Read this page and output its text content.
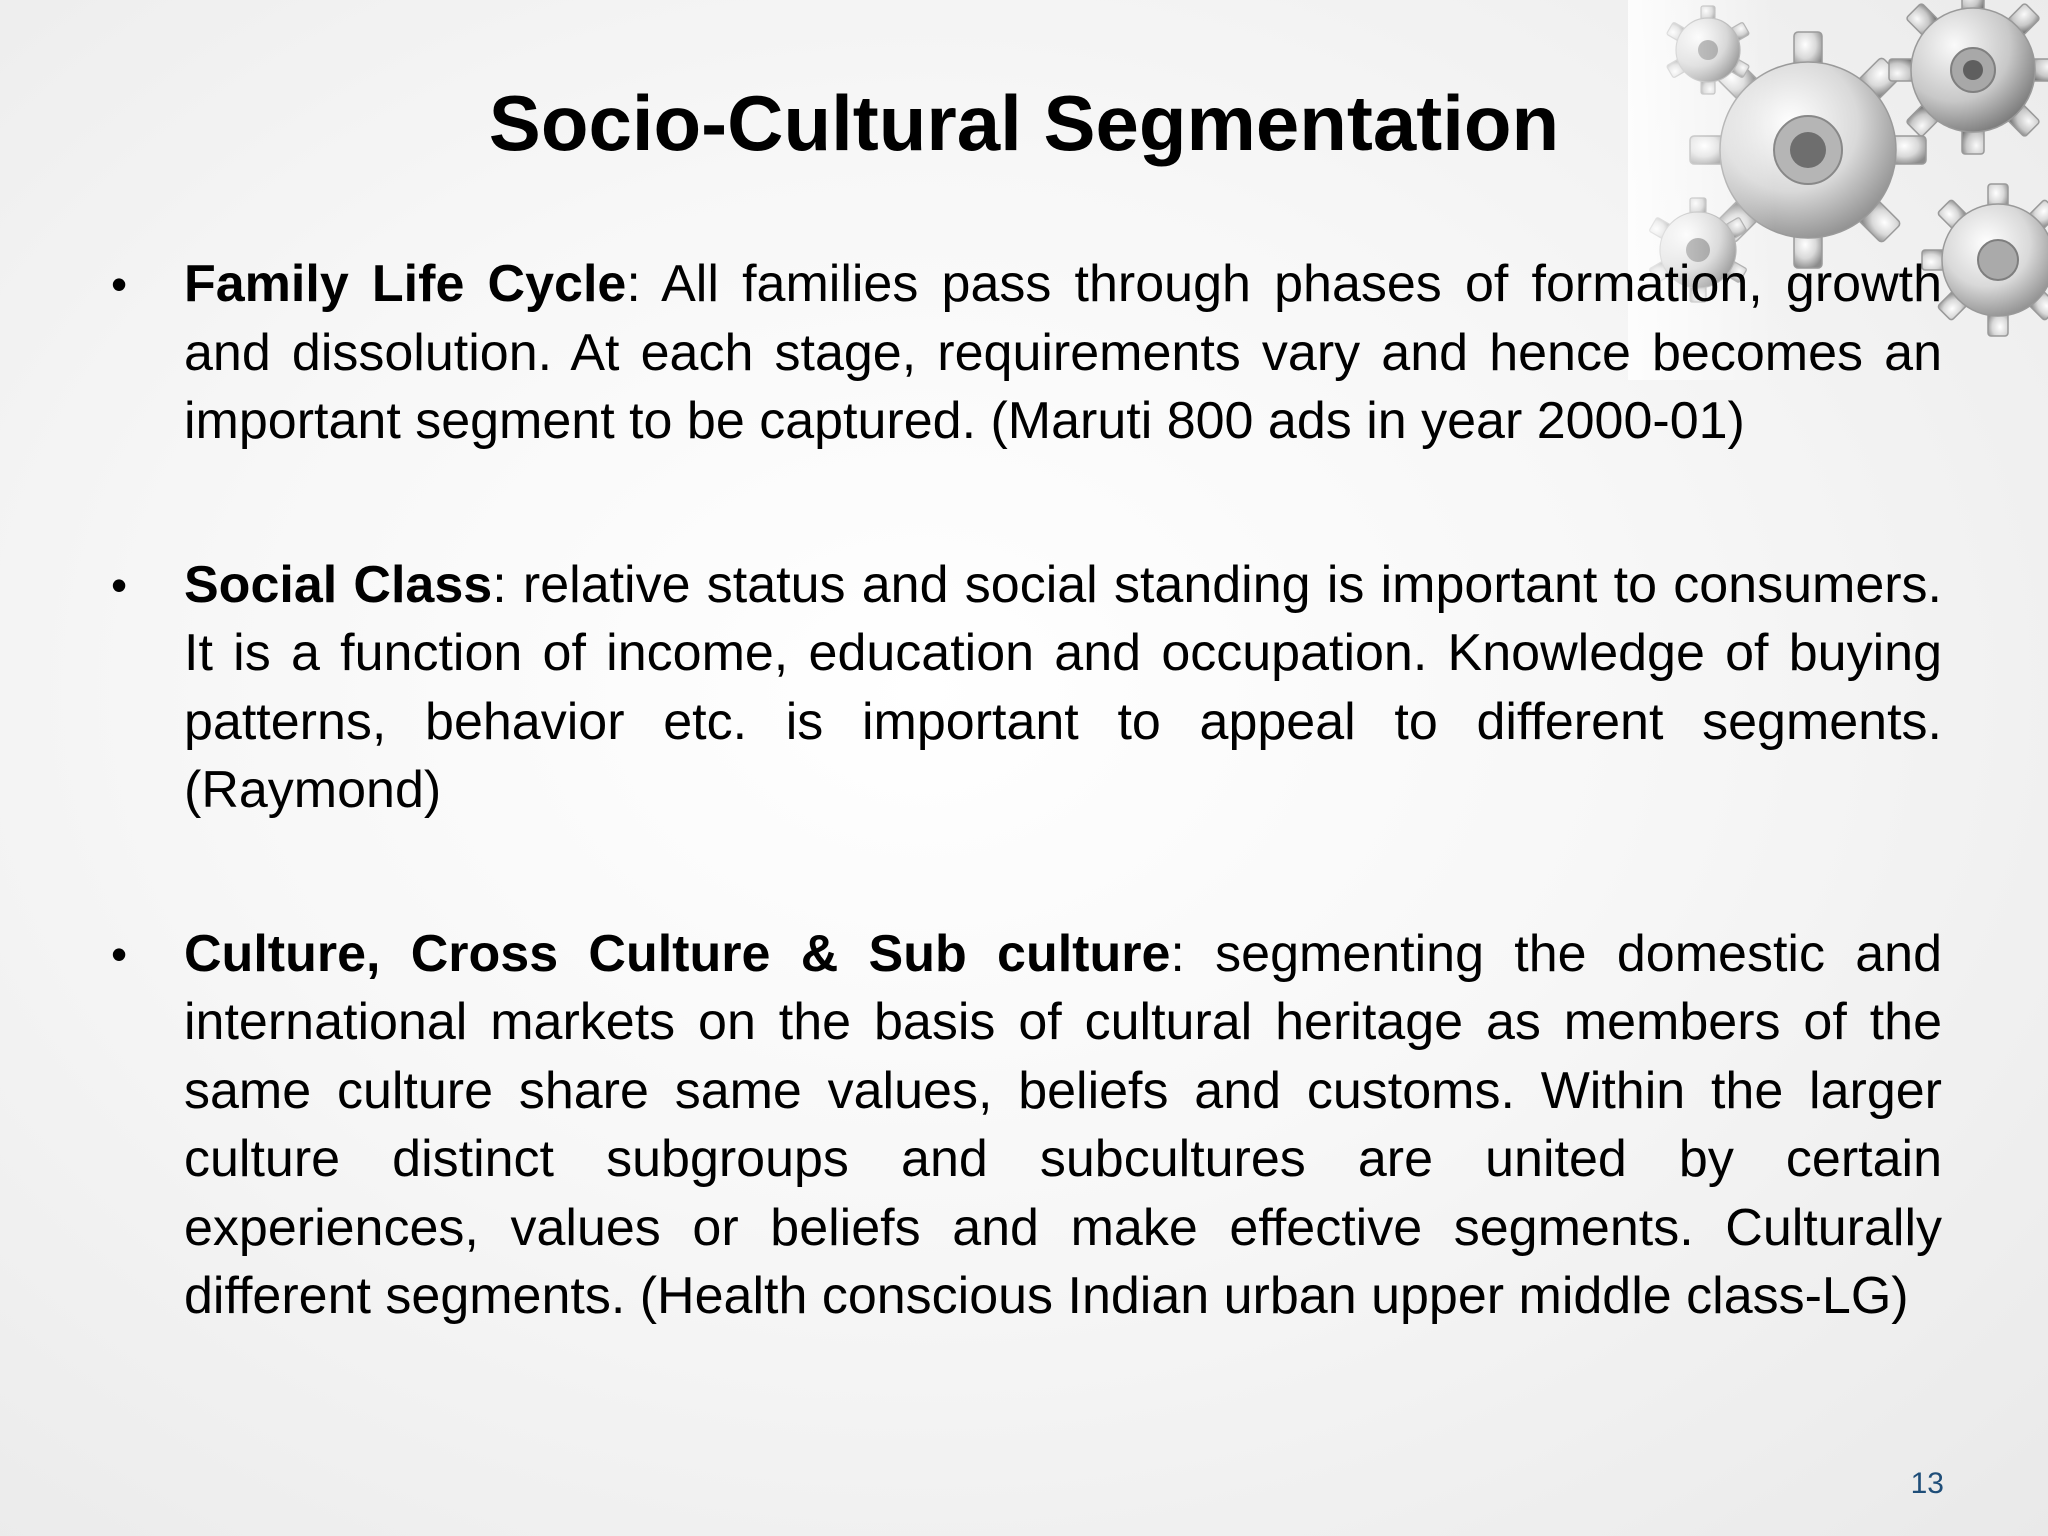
Socio-Cultural Segmentation
• Family Life Cycle: All families pass through phases of formation, growth and dissolution. At each stage, requirements vary and hence becomes an important segment to be captured. (Maruti 800 ads in year 2000-01)
• Social Class: relative status and social standing is important to consumers. It is a function of income, education and occupation. Knowledge of buying patterns, behavior etc. is important to appeal to different segments. (Raymond)
• Culture, Cross Culture & Sub culture: segmenting the domestic and international markets on the basis of cultural heritage as members of the same culture share same values, beliefs and customs. Within the larger culture distinct subgroups and subcultures are united by certain experiences, values or beliefs and make effective segments. Culturally different segments. (Health conscious Indian urban upper middle class-LG)
13
